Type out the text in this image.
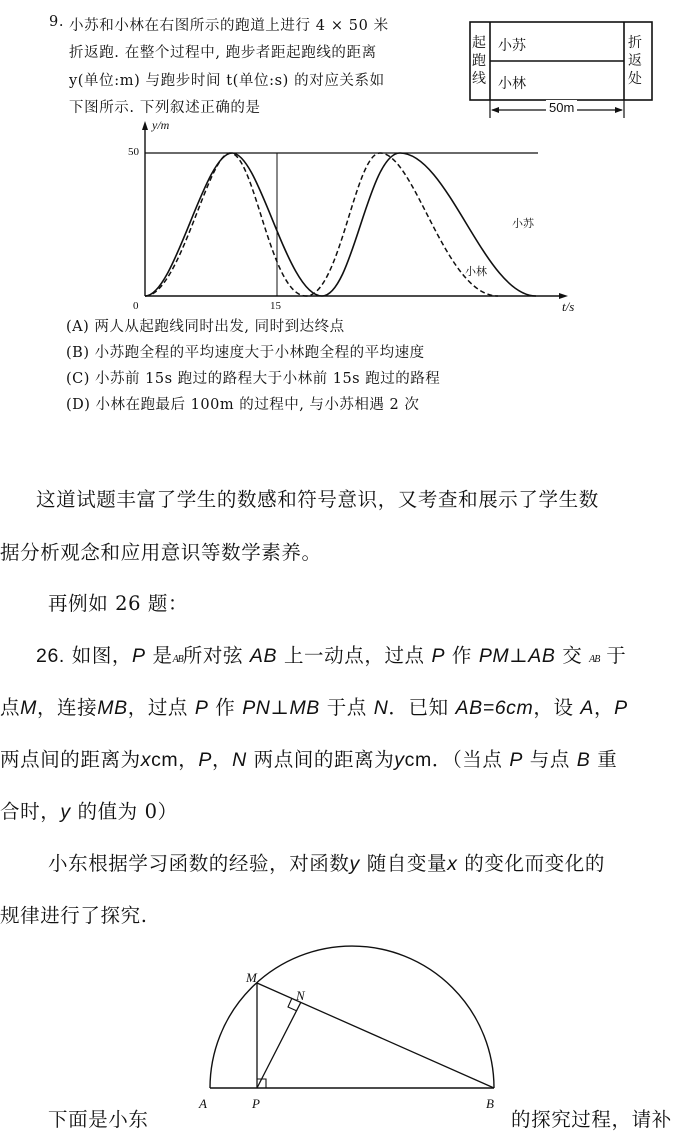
9. 小苏和小林在右图所示的跑道上进行 4 × 50 米
折返跑. 在整个过程中, 跑步者距起跑线的距离
y(单位:m) 与跑步时间 t(单位:s) 的对应关系如
下图所示. 下列叙述正确的是
起
跑
线
折
返
处
小苏
小林
50m
y/m
t/s
50
0	15
小苏
小林
(A) 两人从起跑线同时出发, 同时到达终点
(B) 小苏跑全程的平均速度大于小林跑全程的平均速度
(C) 小苏前 15s 跑过的路程大于小林前 15s 跑过的路程
(D) 小林在跑最后 100m 的过程中, 与小苏相遇 2 次
这道试题丰富了学生的数感和符号意识，又考查和展示了学生数
据分析观念和应用意识等数学素养。
再例如 26 题：
26. 如图，P 是AB所对弦 AB 上一动点，过点 P 作 PM⊥AB 交 AB 于
点M，连接MB，过点 P 作 PN⊥MB 于点 N．已知 AB=6cm，设 A，P
两点间的距离为xcm，P，N 两点间的距离为ycm．（当点 P 与点 B 重
合时，y 的值为 0）
小东根据学习函数的经验，对函数y 随自变量x 的变化而变化的
规律进行了探究.
M
N
A	P	B
下面是小东	的探究过程，请补
